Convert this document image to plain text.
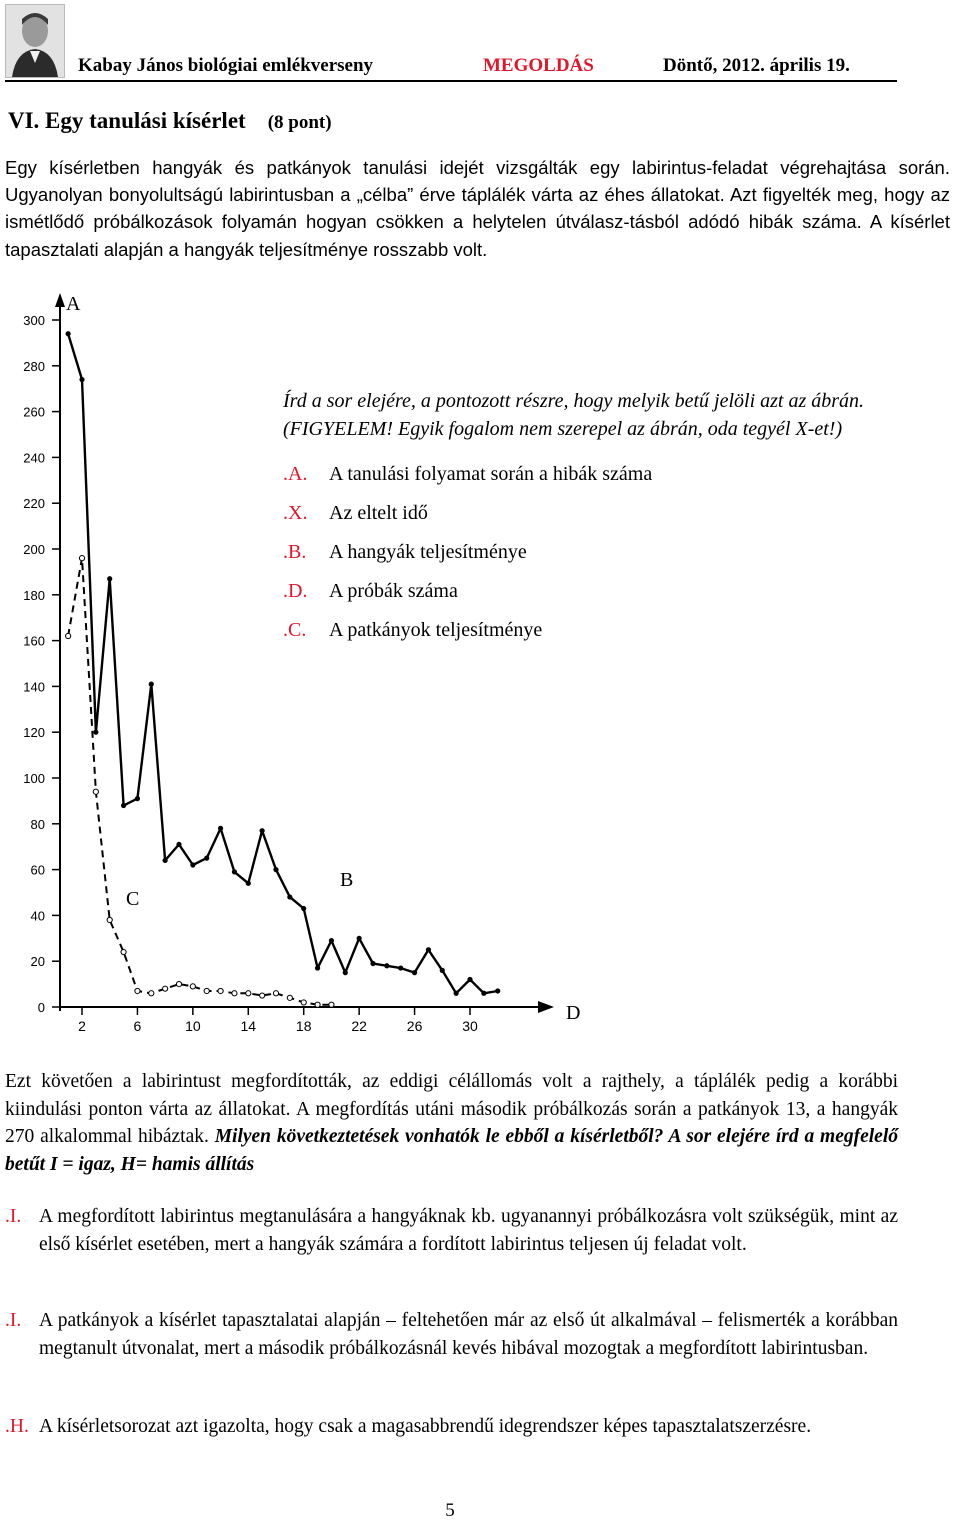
Kabay János biológiai emlékverseny	MEGOLDÁS	Döntő, 2012. április 19.
VI. Egy tanulási kísérlet (8 pont)
Egy kísérletben hangyák és patkányok tanulási idejét vizsgálták egy labirintus-feladat végrehajtása során. Ugyanolyan bonyolultságú labirintusban a „célba” érve táplálék várta az éhes állatokat. Azt figyelték meg, hogy az ismétlődő próbálkozások folyamán hogyan csökken a helytelen útválasz-tásból adódó hibák száma. A kísérlet tapasztalati alapján a hangyák teljesítménye rosszabb volt.
0
20
40
60
80
100
120
140
160
180
200
220
240
260
280
300
2	6	10	14	18	22	26	30
A
D
B
C
Írd a sor elejére, a pontozott részre, hogy melyik betű jelöli azt az ábrán. (FIGYELEM! Egyik fogalom nem szerepel az ábrán, oda tegyél X-et!)
.A. A tanulási folyamat során a hibák száma
.X. Az eltelt idő
.B. A hangyák teljesítménye
.D. A próbák száma
.C. A patkányok teljesítménye
Ezt követően a labirintust megfordították, az eddigi célállomás volt a rajthely, a táplálék pedig a korábbi kiindulási ponton várta az állatokat. A megfordítás utáni második próbálkozás során a patkányok 13, a hangyák 270 alkalommal hibáztak. Milyen következtetések vonhatók le ebből a kísérletből? A sor elejére írd a megfelelő betűt I = igaz, H= hamis állítás
.I. A megfordított labirintus megtanulására a hangyáknak kb. ugyanannyi próbálkozásra volt szükségük, mint az első kísérlet esetében, mert a hangyák számára a fordított labirintus teljesen új feladat volt.
.I. A patkányok a kísérlet tapasztalatai alapján – feltehetően már az első út alkalmával – felismerték a korábban megtanult útvonalat, mert a második próbálkozásnál kevés hibával mozogtak a megfordított labirintusban.
.H. A kísérletsorozat azt igazolta, hogy csak a magasabbrendű idegrendszer képes tapasztalatszerzésre.
5
